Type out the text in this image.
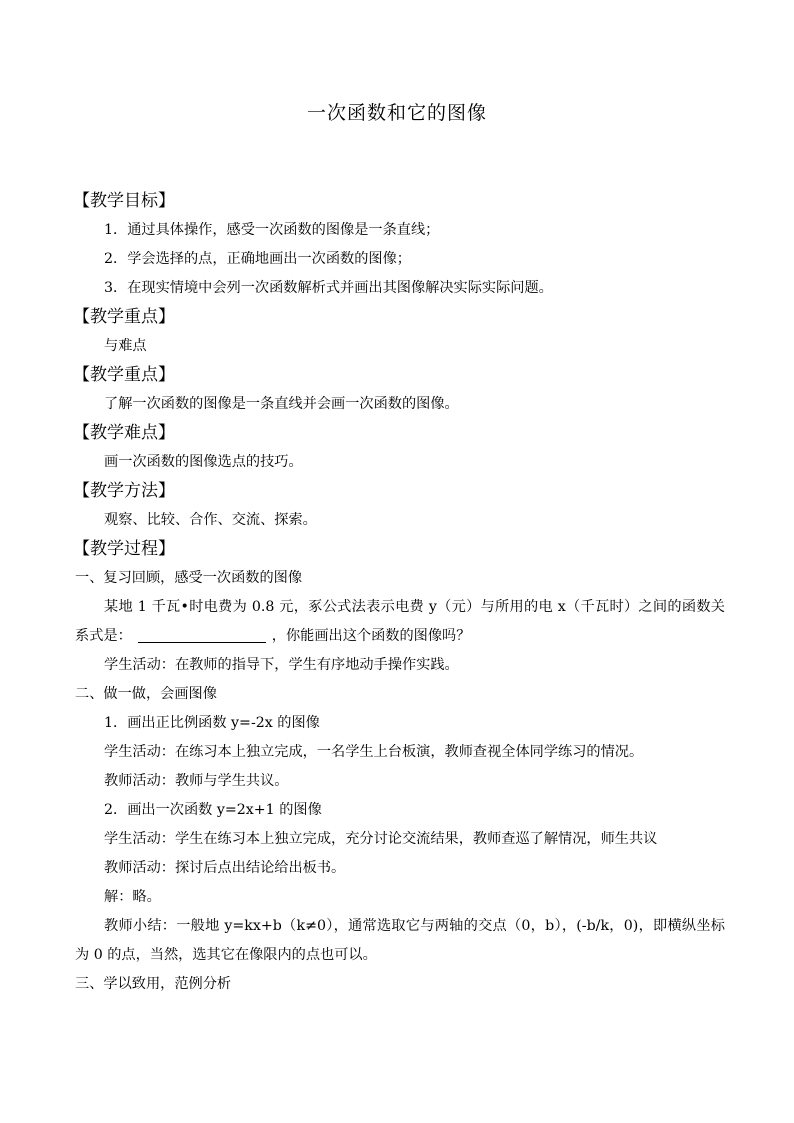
一次函数和它的图像
【教学目标】
1．通过具体操作，感受一次函数的图像是一条直线；
2．学会选择的点，正确地画出一次函数的图像；
3．在现实情境中会列一次函数解析式并画出其图像解决实际实际问题。
【教学重点】
与难点
【教学重点】
了解一次函数的图像是一条直线并会画一次函数的图像。
【教学难点】
画一次函数的图像选点的技巧。
【教学方法】
观察、比较、合作、交流、探索。
【教学过程】
一、复习回顾，感受一次函数的图像
某地 1 千瓦•时电费为 0.8 元，豖公式法表示电费 y（元）与所用的电 x（千瓦时）之间的函数关系式是：	，你能画出这个函数的图像吗？
学生活动：在教师的指导下，学生有序地动手操作实践。
二、做一做，会画图像
1．画出正比例函数 y=-2x 的图像
学生活动：在练习本上独立完成，一名学生上台板演，教师查视全体同学练习的情况。
教师活动：教师与学生共议。
2．画出一次函数 y=2x+1 的图像
学生活动：学生在练习本上独立完成，充分讨论交流结果，教师查巡了解情况，师生共议
教师活动：探讨后点出结论给出板书。
解：略。
教师小结：一般地 y=kx+b（k≠0），通常选取它与两轴的交点（0，b），(-b/k，0)，即横纵坐标为 0 的点，当然，选其它在像限内的点也可以。
三、学以致用，范例分析
